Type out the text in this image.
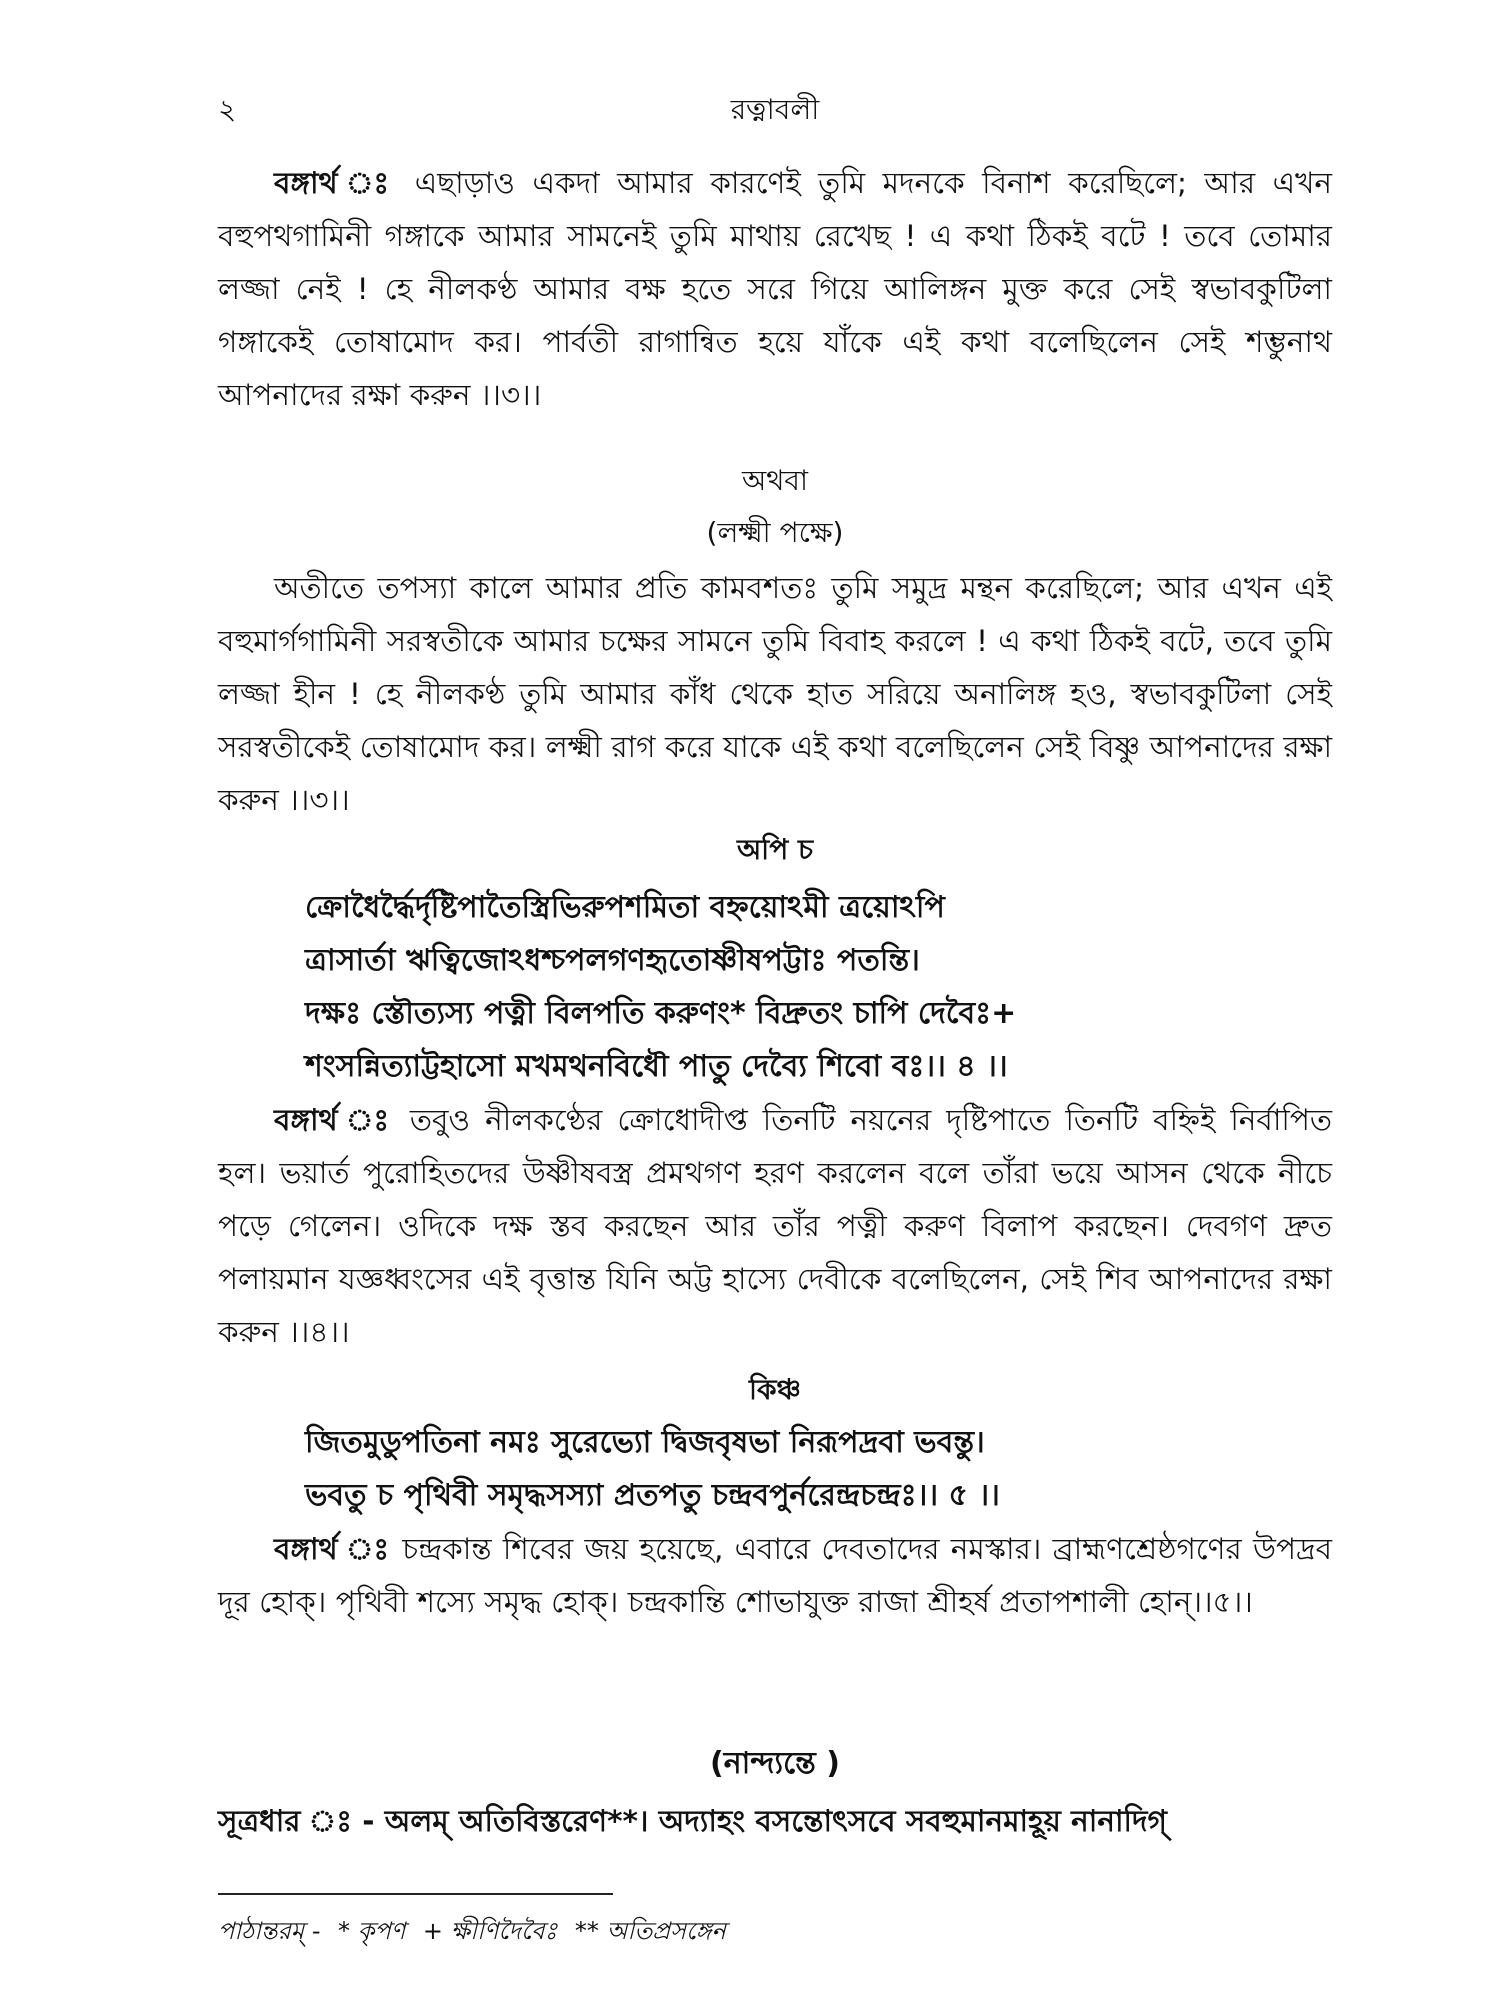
২	রত্নাবলী

বঙ্গার্থ ঃ এছাড়াও একদা আমার কারণেই তুমি মদনকে বিনাশ করেছিলে; আর এখন বহুপথগামিনী গঙ্গাকে আমার সামনেই তুমি মাথায় রেখেছ ! এ কথা ঠিকই বটে ! তবে তোমার লজ্জা নেই ! হে নীলকণ্ঠ আমার বক্ষ হতে সরে গিয়ে আলিঙ্গন মুক্ত করে সেই স্বভাবকুটিলা গঙ্গাকেই তোষামোদ কর। পার্বতী রাগান্বিত হয়ে যাঁকে এই কথা বলেছিলেন সেই শম্ভুনাথ আপনাদের রক্ষা করুন ।।৩।।

অথবা
(লক্ষ্মী পক্ষে)

অতীতে তপস্যা কালে আমার প্রতি কামবশতঃ তুমি সমুদ্র মন্থন করেছিলে; আর এখন এই বহুমার্গগামিনী সরস্বতীকে আমার চক্ষের সামনে তুমি বিবাহ করলে ! এ কথা ঠিকই বটে, তবে তুমি লজ্জা হীন ! হে নীলকণ্ঠ তুমি আমার কাঁধ থেকে হাত সরিয়ে অনালিঙ্গ হও, স্বভাবকুটিলা সেই সরস্বতীকেই তোষামোদ কর। লক্ষ্মী রাগ করে যাকে এই কথা বলেছিলেন সেই বিষ্ণু আপনাদের রক্ষা করুন ।।৩।।

অপি চ
ক্রোধৈর্দ্ধৈর্দৃষ্টিপাতৈস্ত্রিভিরুপশমিতা বহ্নয়োঽমী ত্রয়োঽপি
ত্রাসার্তা ঋত্বিজোঽধশ্চপলগণহৃতোষ্ণীষপট্টাঃ পতন্তি।
দক্ষঃ স্তৌত্যস্য পত্নী বিলপতি করুণং* বিদ্রুতং চাপি দেবৈঃ+
শংসন্নিত্যাট্টহাসো মখমথনবিধৌ পাতু দেব্যৈ শিবো বঃ।। ৪ ।।

বঙ্গার্থ ঃ তবুও নীলকণ্ঠের ক্রোধোদীপ্ত তিনটি নয়নের দৃষ্টিপাতে তিনটি বহ্নিই নির্বাপিত হল। ভয়ার্ত পুরোহিতদের উষ্ণীষবস্ত্র প্রমথগণ হরণ করলেন বলে তাঁরা ভয়ে আসন থেকে নীচে পড়ে গেলেন। ওদিকে দক্ষ স্তব করছেন আর তাঁর পত্নী করুণ বিলাপ করছেন। দেবগণ দ্রুত পলায়মান যজ্ঞধ্বংসের এই বৃত্তান্ত যিনি অট্ট হাস্যে দেবীকে বলেছিলেন, সেই শিব আপনাদের রক্ষা করুন ।।৪।।

কিঞ্চ
জিতমুডুপতিনা নমঃ সুরেভ্যো দ্বিজবৃষভা নিরূপদ্রবা ভবন্তু।
ভবতু চ পৃথিবী সমৃদ্ধসস্যা প্রতপতু চন্দ্রবপুর্নরেন্দ্রচন্দ্রঃ।। ৫ ।।

বঙ্গার্থ ঃ চন্দ্রকান্ত শিবের জয় হয়েছে, এবারে দেবতাদের নমস্কার। ব্রাহ্মণশ্রেষ্ঠগণের উপদ্রব দূর হোক্। পৃথিবী শস্যে সমৃদ্ধ হোক্। চন্দ্রকান্তি শোভাযুক্ত রাজা শ্রীহর্ষ প্রতাপশালী হোন্।।৫।।

(নান্দ্যন্তে )
সূত্রধার ঃ - অলম্ অতিবিস্তরেণ**। অদ্যাহং বসন্তোৎসবে সবহুমানমাহূয় নানাদিগ্
পাঠান্তরম্ - * কৃপণ + ক্ষীণিদৈবৈঃ ** অতিপ্রসঙ্গেন
